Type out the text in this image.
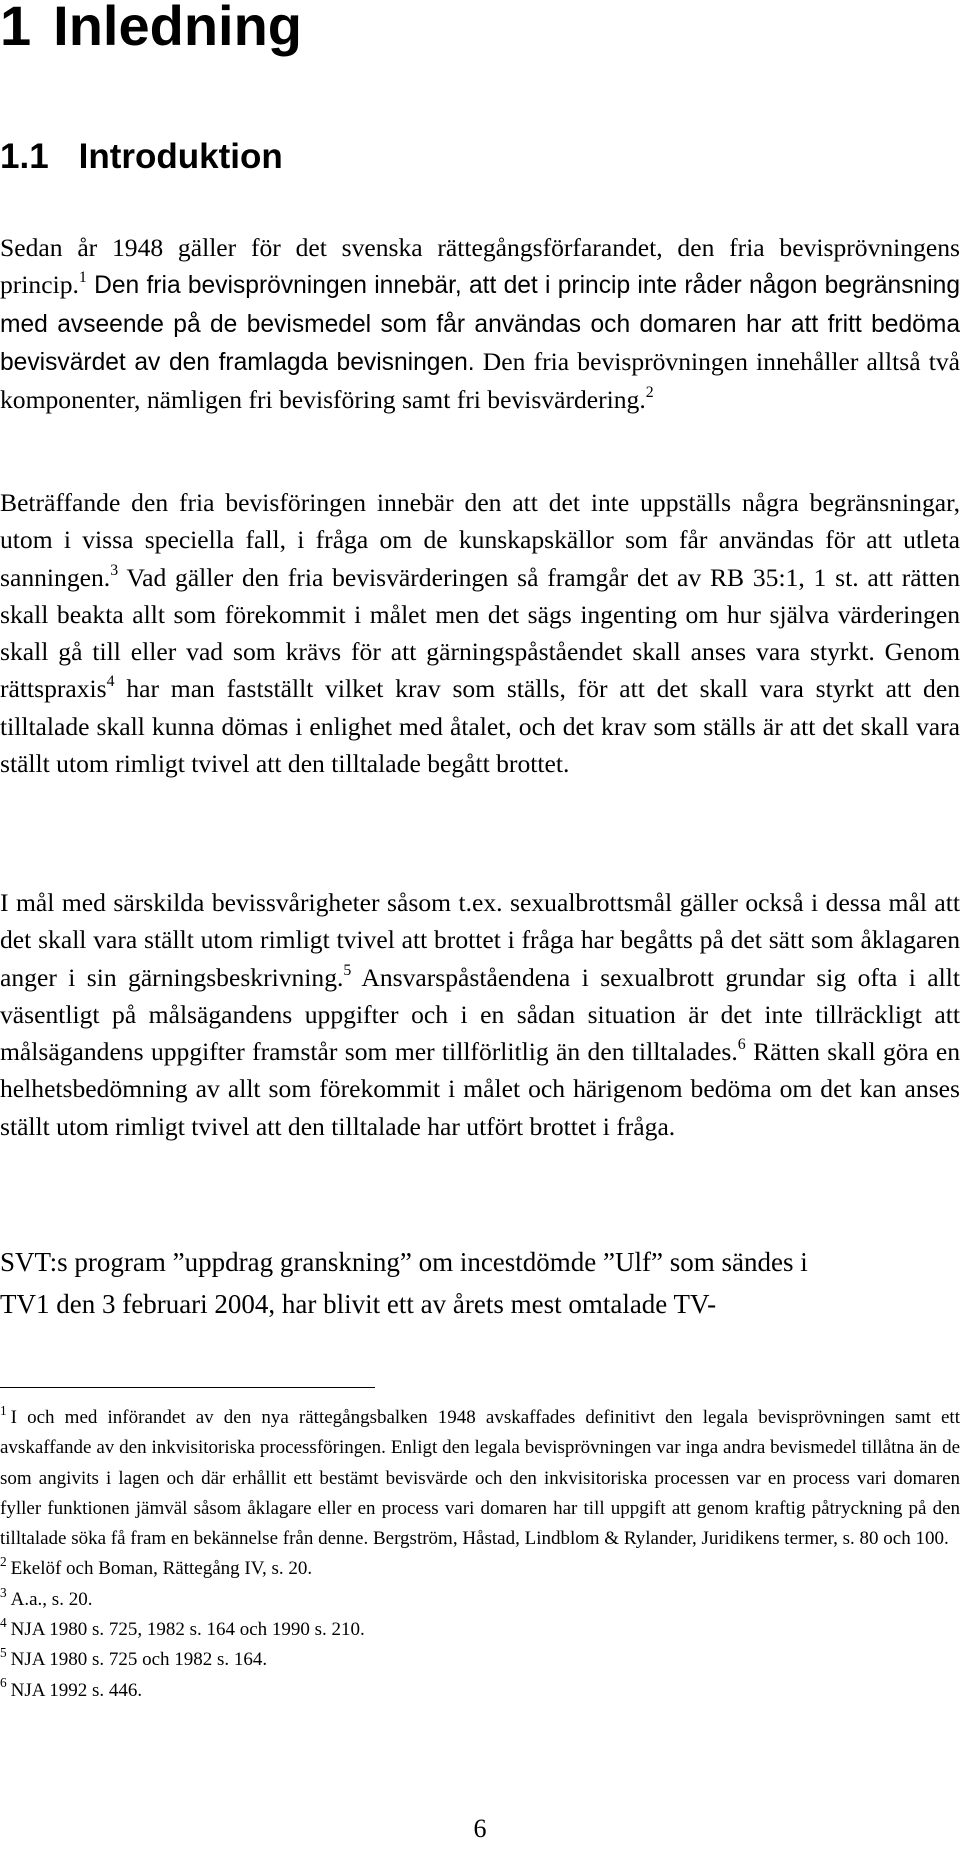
1 Inledning
1.1 Introduktion

Sedan år 1948 gäller för det svenska rättegångsförfarandet, den fria bevisprövningens princip.$^1$ Den fria bevisprövningen innebär, att det i princip inte råder någon begränsning med avseende på de bevismedel som får användas och domaren har att fritt bedöma bevisvärdet av den framlagda bevisningen. Den fria bevisprövningen innehåller alltså två komponenter, nämligen fri bevisföring samt fri bevisvärdering.$^2$

Beträffande den fria bevisföringen innebär den att det inte uppställs några begränsningar, utom i vissa speciella fall, i fråga om de kunskapskällor som får användas för att utleta sanningen.$^3$ Vad gäller den fria bevisvärderingen så framgår det av RB 35:1, 1 st. att rätten skall beakta allt som förekommit i målet men det sägs ingenting om hur själva värderingen skall gå till eller vad som krävs för att gärningspåståendet skall anses vara styrkt. Genom rättspraxis$^4$ har man fastställt vilket krav som ställs, för att det skall vara styrkt att den tilltalade skall kunna dömas i enlighet med åtalet, och det krav som ställs är att det skall vara ställt utom rimligt tvivel att den tilltalade begått brottet.

I mål med särskilda bevissvårigheter såsom t.ex. sexualbrottsmål gäller också i dessa mål att det skall vara ställt utom rimligt tvivel att brottet i fråga har begåtts på det sätt som åklagaren anger i sin gärningsbeskrivning.$^5$ Ansvarspåståendena i sexualbrott grundar sig ofta i allt väsentligt på målsägandens uppgifter och i en sådan situation är det inte tillräckligt att målsägandens uppgifter framstår som mer tillförlitlig än den tilltalades.$^6$ Rätten skall göra en helhetsbedömning av allt som förekommit i målet och härigenom bedöma om det kan anses ställt utom rimligt tvivel att den tilltalade har utfört brottet i fråga.

SVT:s program ”uppdrag granskning” om incestdömde ”Ulf” som sändes i
TV1 den 3 februari 2004, har blivit ett av årets mest omtalade TV-

$^1$ I och med införandet av den nya rättegångsbalken 1948 avskaffades definitivt den legala bevisprövningen samt ett avskaffande av den inkvisitoriska processföringen. Enligt den legala bevisprövningen var inga andra bevismedel tillåtna än de som angivits i lagen och där erhållit ett bestämt bevisvärde och den inkvisitoriska processen var en process vari domaren fyller funktionen jämväl såsom åklagare eller en process vari domaren har till uppgift att genom kraftig påtryckning på den tilltalade söka få fram en bekännelse från denne. Bergström, Håstad, Lindblom & Rylander, Juridikens termer, s. 80 och 100.

$^2$ Ekelöf och Boman, Rättegång IV, s. 20.

$^3$ A.a., s. 20.

$^4$ NJA 1980 s. 725, 1982 s. 164 och 1990 s. 210.

$^5$ NJA 1980 s. 725 och 1982 s. 164.

$^6$ NJA 1992 s. 446.

6
